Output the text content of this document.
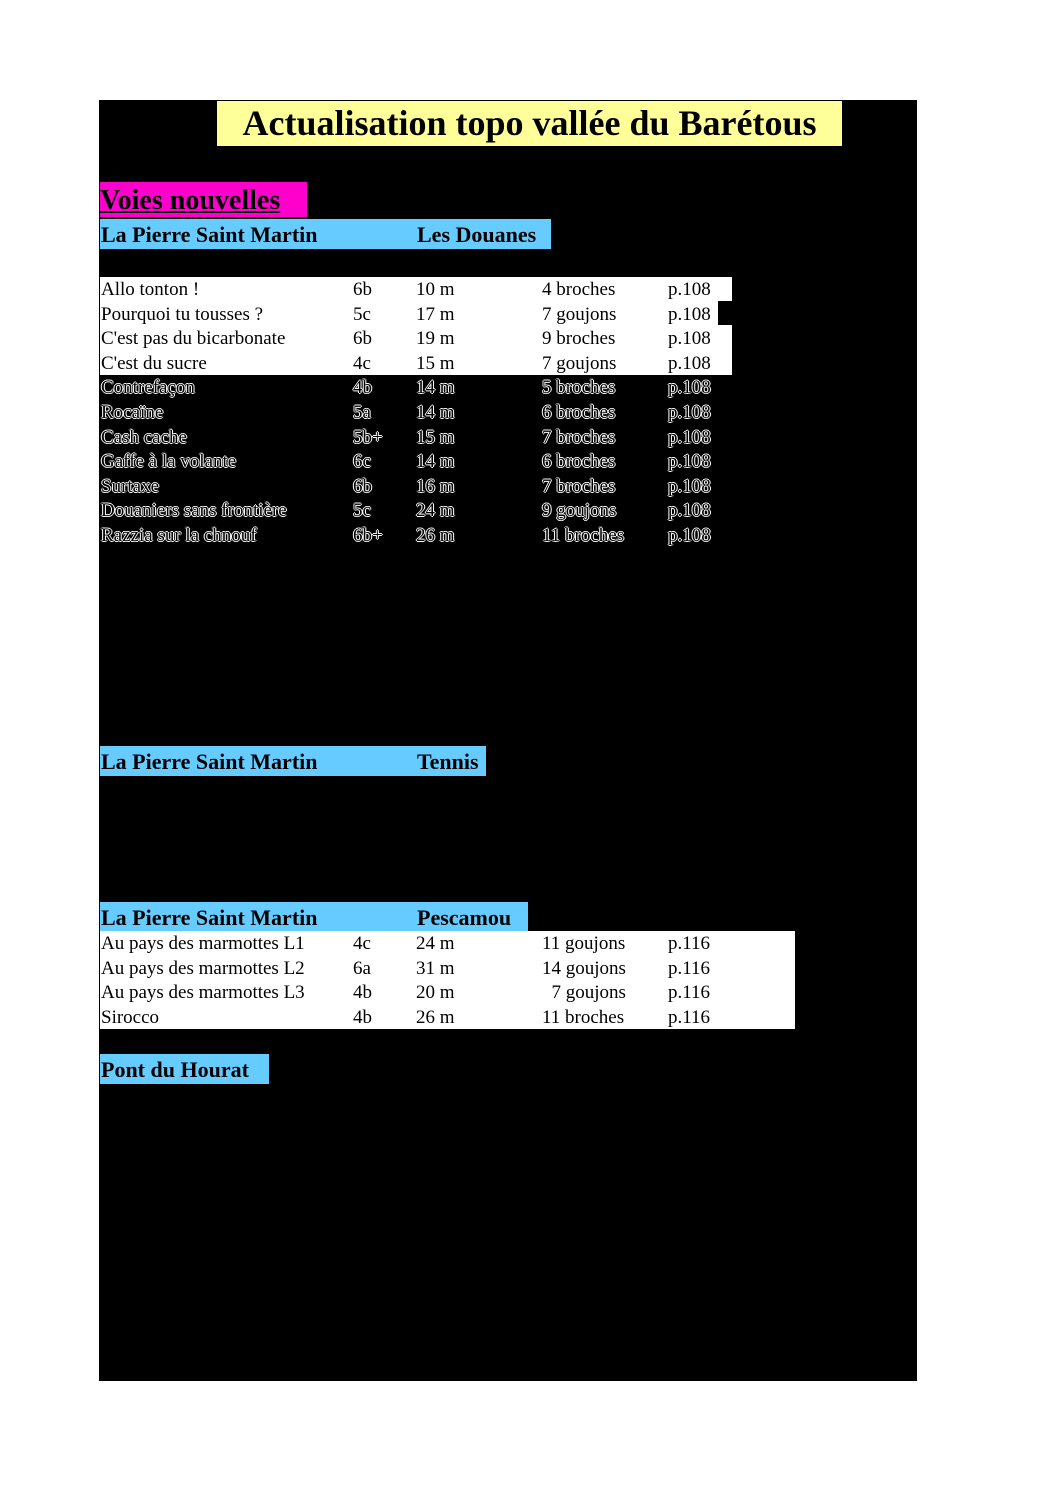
Actualisation topo vallée du Barétous
Voies nouvelles
La Pierre Saint Martin	Les Douanes
Allo tonton !	6b 10 m	4 broches	p.108
Pourquoi tu tousses ?	5c 17 m	7 goujons	p.108
C'est pas du bicarbonate	6b 19 m	9 broches	p.108
C'est du sucre	4c 15 m	7 goujons	p.108
Contrefaçon	4b 14 m	5 broches	p.108
Rocaïne	5a 14 m	6 broches	p.108
Cash cache	5b+ 15 m	7 broches	p.108
Gaffe à la volante	6c 14 m	6 broches	p.108
Surtaxe	6b 16 m	7 broches	p.108
Douaniers sans frontière	5c 24 m	9 goujons	p.108
Razzia sur la chnouf	6b+ 26 m	11 broches p.108
La Pierre Saint Martin	Tennis
La Pierre Saint Martin	Pescamou
Au pays des marmottes L1	4c 24 m	11 goujons p.116
Au pays des marmottes L2	6a 31 m	14 goujons p.116
Au pays des marmottes L3	4b 20 m	7 goujons p.116
Sirocco	4b 26 m	11 broches p.116
Pont du Hourat
